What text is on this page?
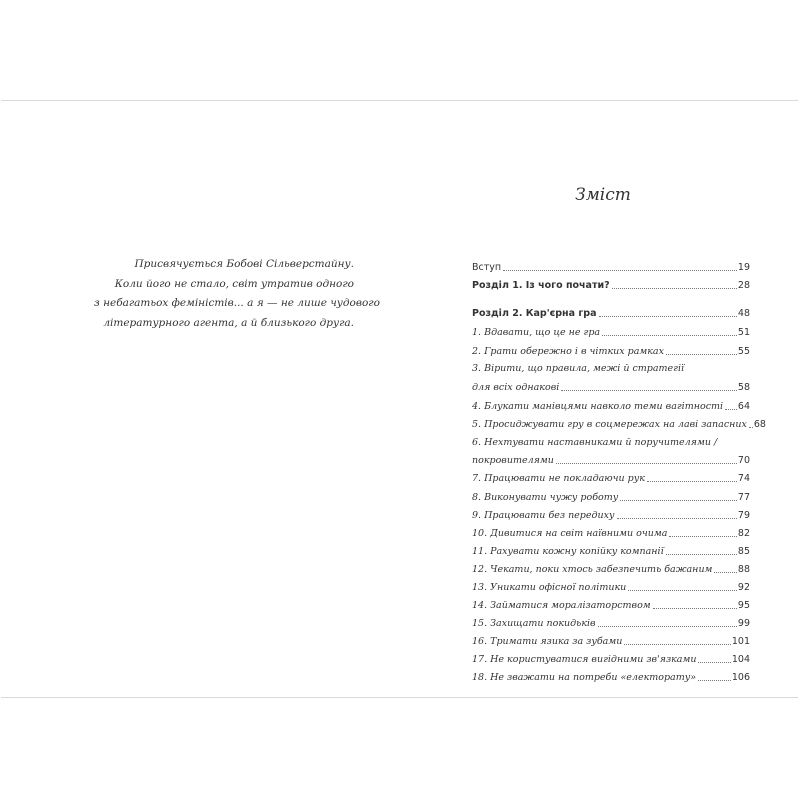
Присвячується Бобові Сільверстайну.
Коли його не стало, світ утратив одного
з небагатьох феміністів... а я — не лише чудового
літературного агента, а й близького друга.
Зміст
Вступ	19
Розділ 1. Із чого почати?	28
Розділ 2. Кар'єрна гра	48
1. Вдавати, що це не гра	51
2. Грати обережно і в чітких рамках	55
3. Вірити, що правила, межі й стратегії
для всіх однакові	58
4. Блукати манівцями навколо теми вагітності 64
5. Просиджувати гру в соцмережах на лаві запасних 68
6. Нехтувати наставниками й поручителями /
покровителями	70
7. Працювати не покладаючи рук	74
8. Виконувати чужу роботу	77
9. Працювати без передиху	79
10. Дивитися на світ наївними очима	82
11. Рахувати кожну копійку компанії	85
12. Чекати, поки хтось забезпечить бажаним	88
13. Уникати офісної політики	92
14. Займатися моралізаторством	95
15. Захищати покидьків	99
16. Тримати язика за зубами	101
17. Не користуватися вигідними зв'язками	104
18. Не зважати на потреби «електорату»	106
